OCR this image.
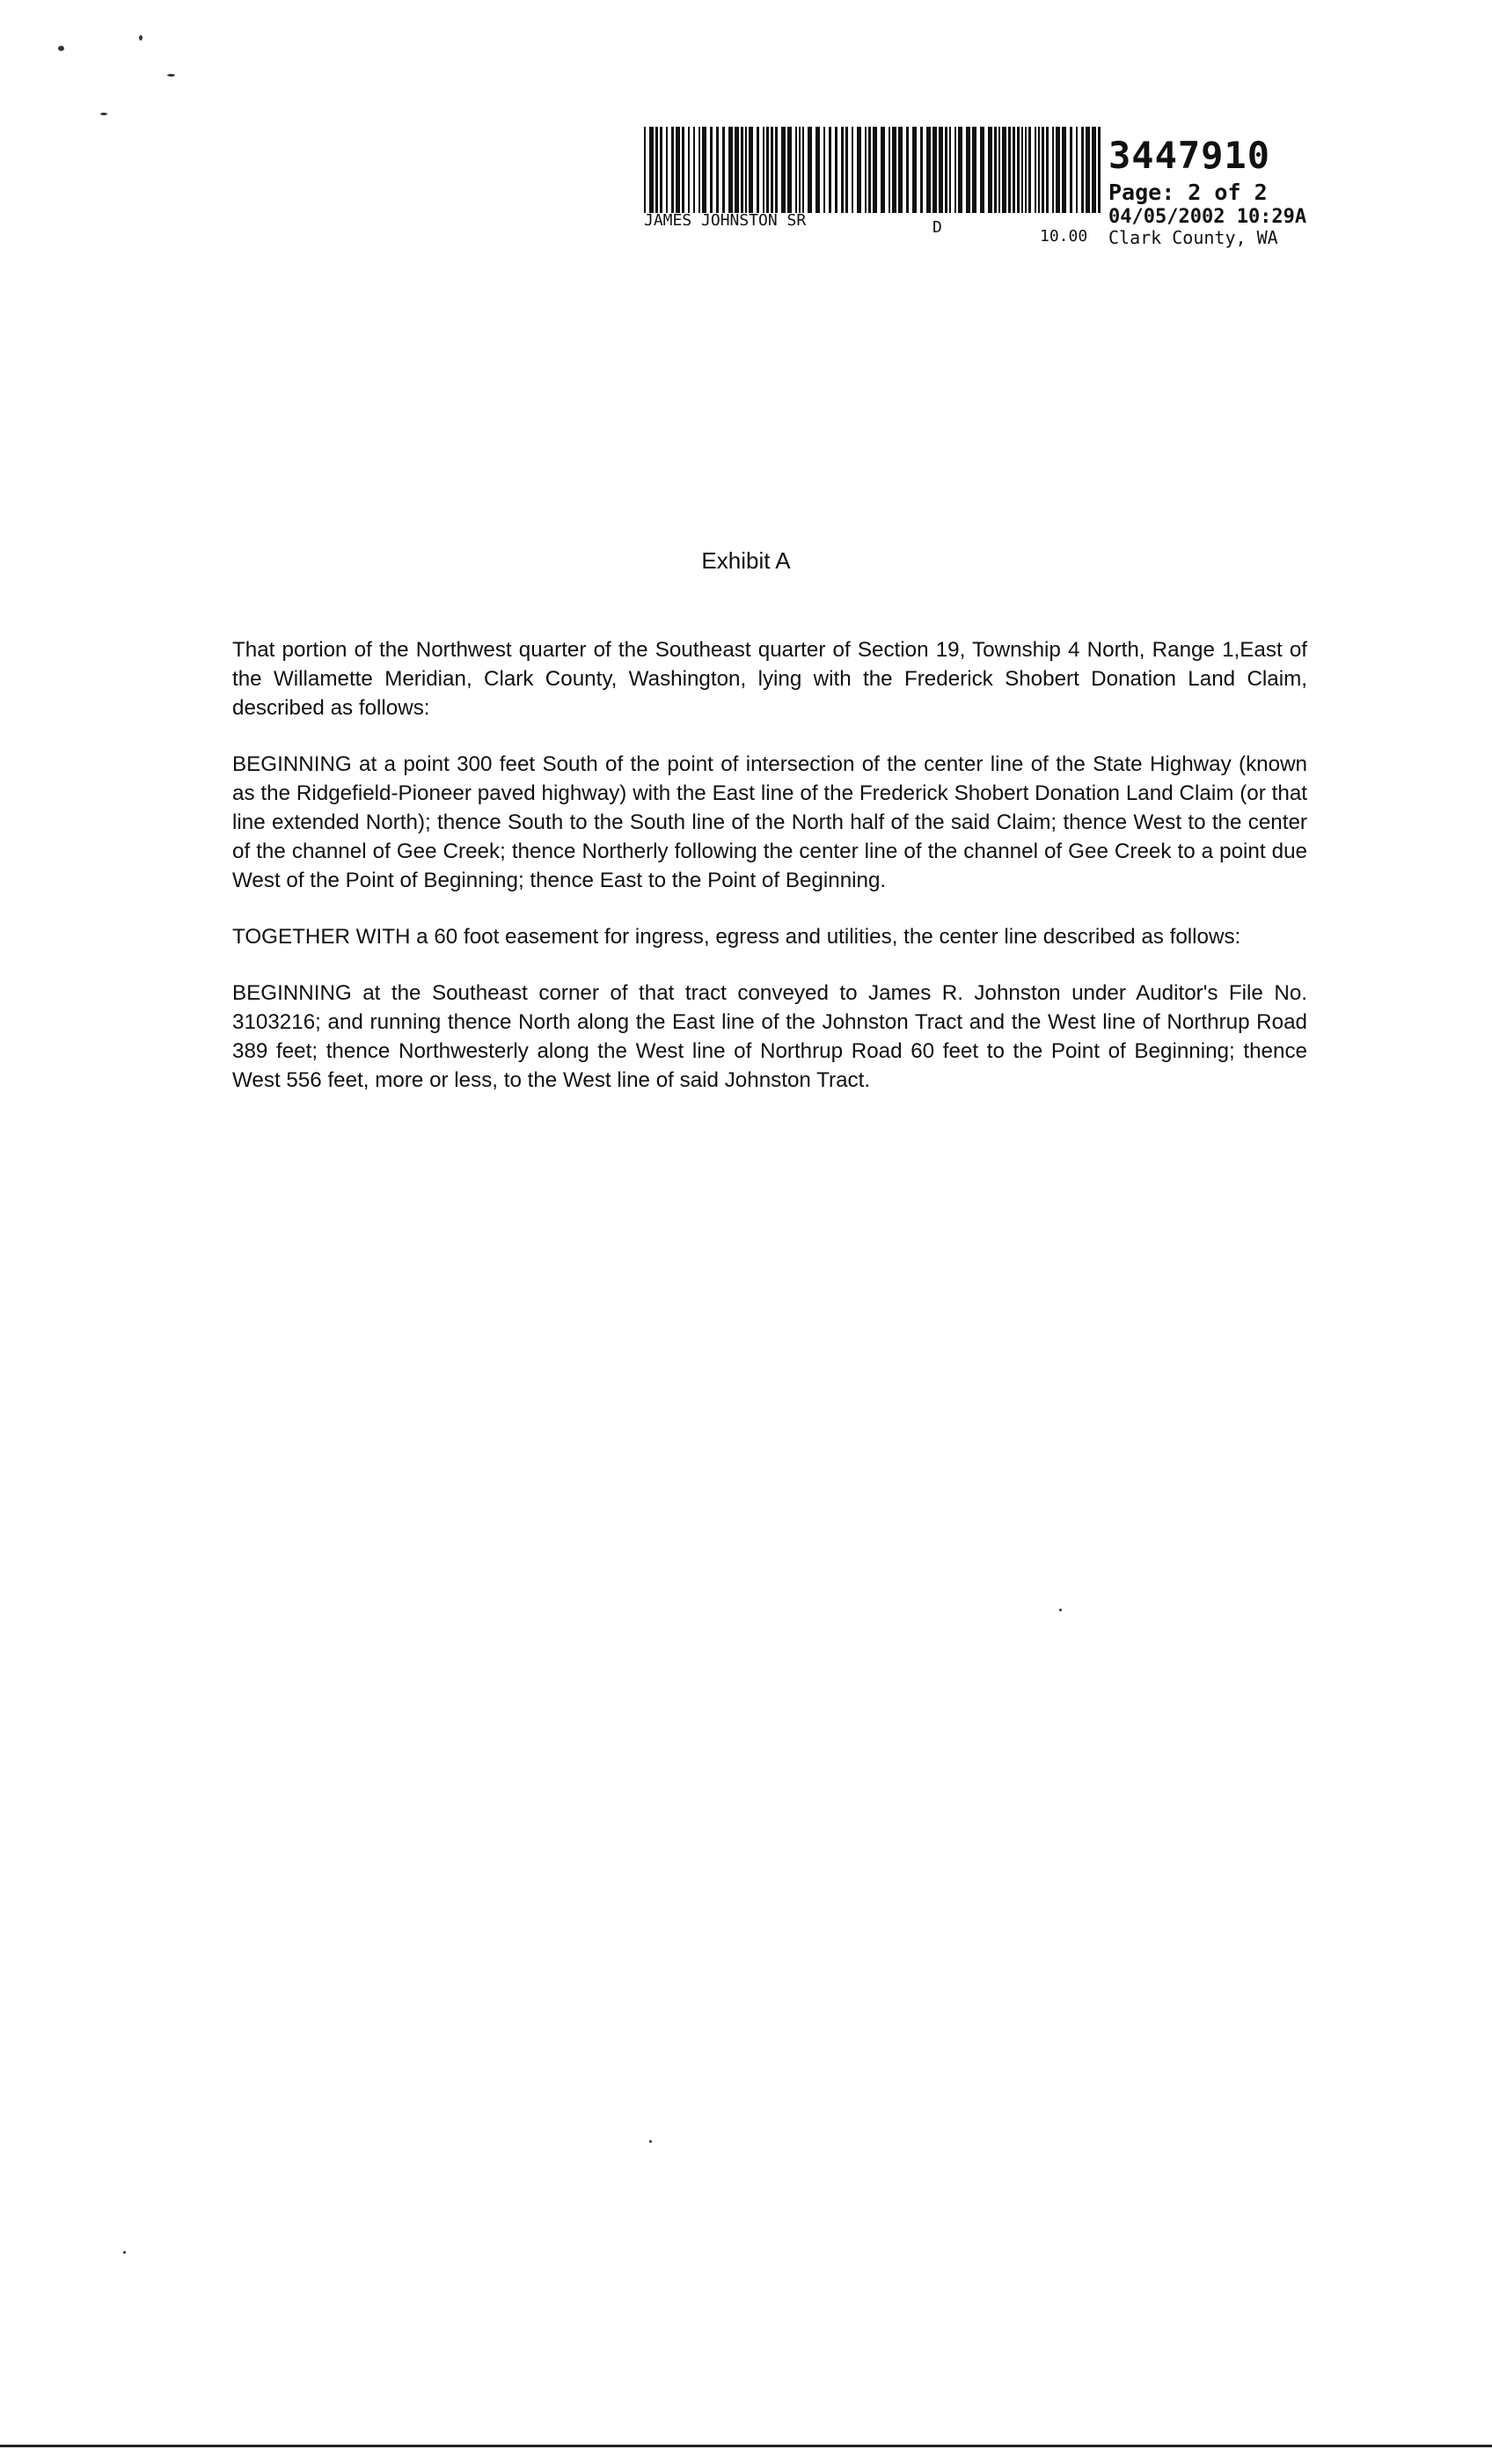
3447910
Page: 2 of 2
04/05/2002 10:29A
Clark County, WA
JAMES JOHNSTON SR	D	10.00
Exhibit A

That portion of the Northwest quarter of the Southeast quarter of Section 19, Township 4 North, Range 1,East of the Willamette Meridian, Clark County, Washington, lying with the Frederick Shobert Donation Land Claim, described as follows:

BEGINNING at a point 300 feet South of the point of intersection of the center line of the State Highway (known as the Ridgefield-Pioneer paved highway) with the East line of the Frederick Shobert Donation Land Claim (or that line extended North); thence South to the South line of the North half of the said Claim; thence West to the center of the channel of Gee Creek; thence Northerly following the center line of the channel of Gee Creek to a point due West of the Point of Beginning; thence East to the Point of Beginning.

TOGETHER WITH a 60 foot easement for ingress, egress and utilities, the center line described as follows:

BEGINNING at the Southeast corner of that tract conveyed to James R. Johnston under Auditor's File No. 3103216; and running thence North along the East line of the Johnston Tract and the West line of Northrup Road 389 feet; thence Northwesterly along the West line of Northrup Road 60 feet to the Point of Beginning; thence West 556 feet, more or less, to the West line of said Johnston Tract.
